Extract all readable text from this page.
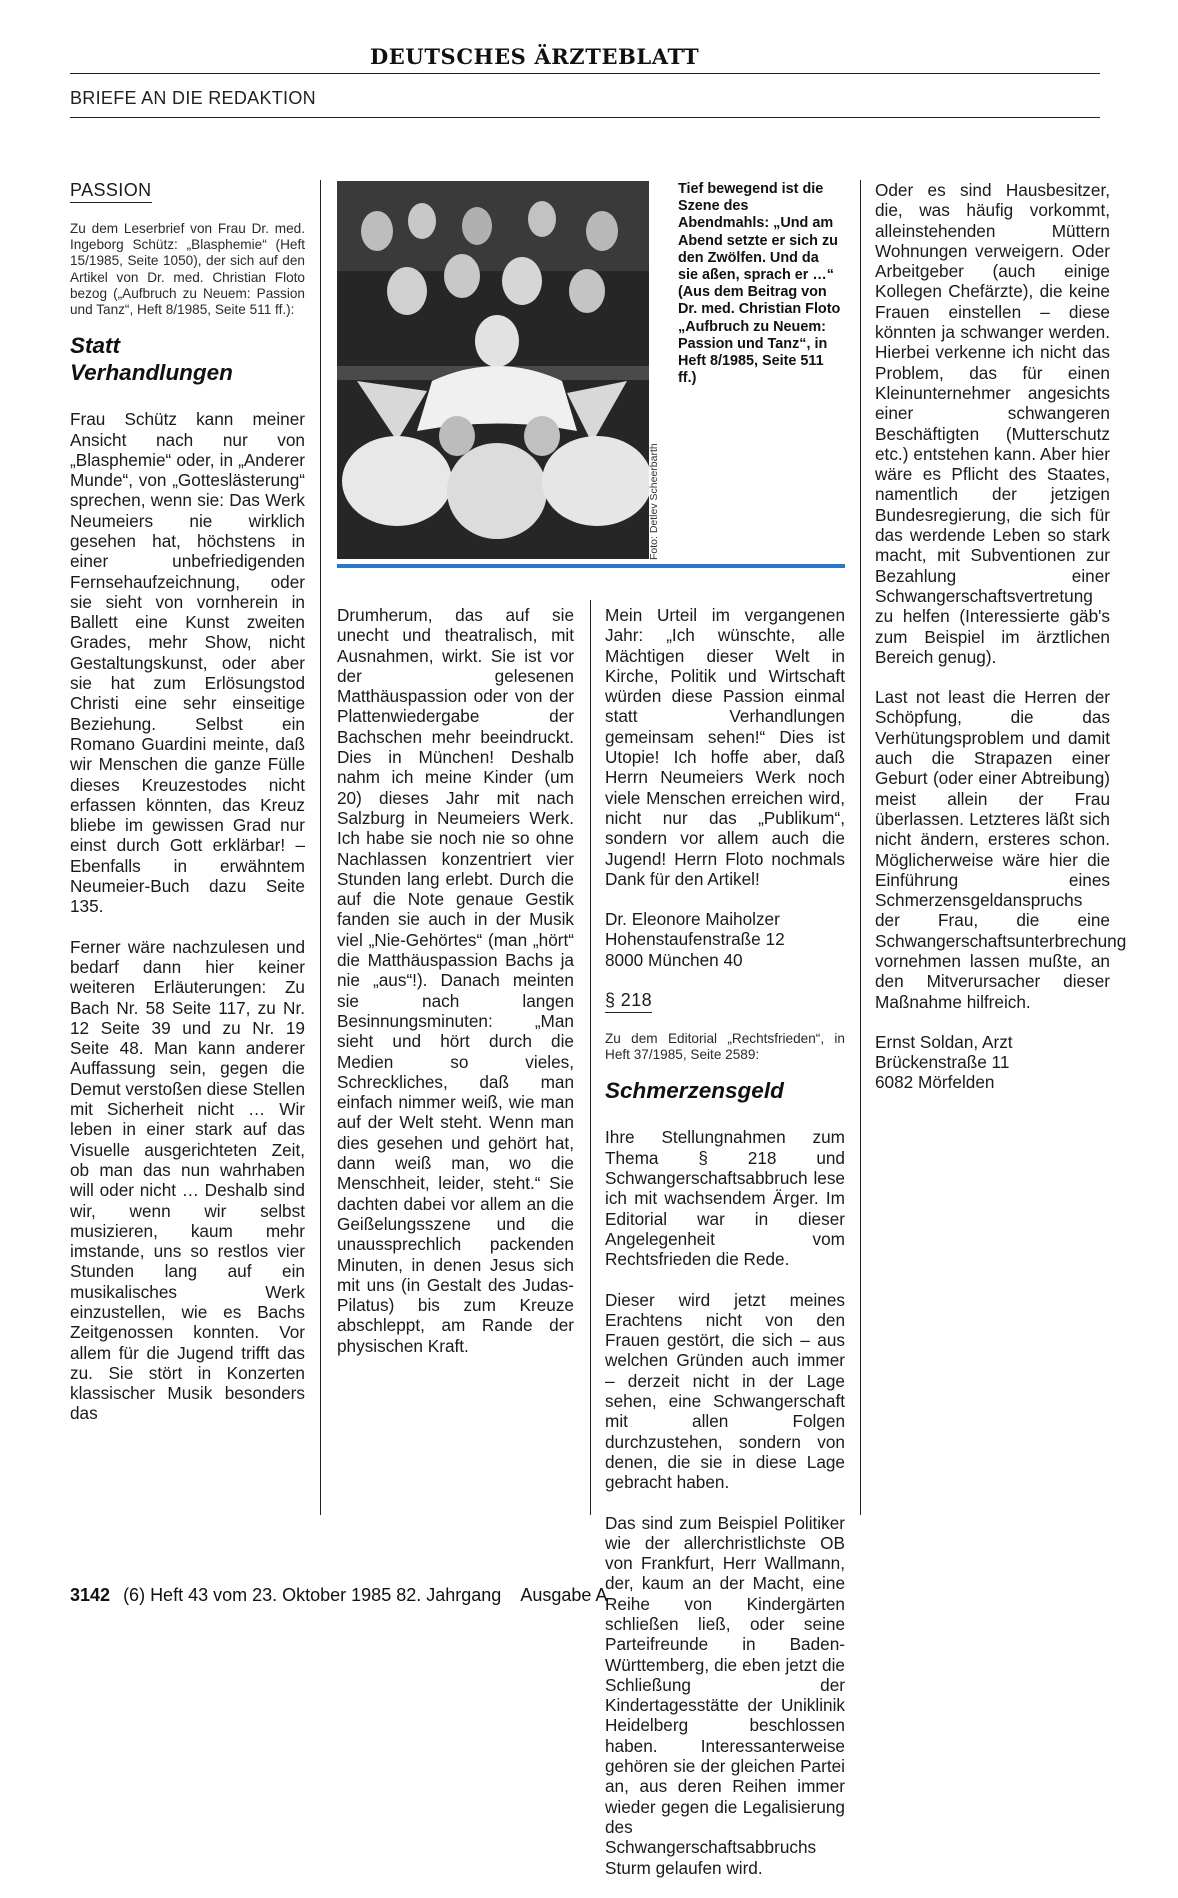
DEUTSCHES ÄRZTEBLATT
BRIEFE AN DIE REDAKTION
PASSION

Zu dem Leserbrief von Frau Dr. med. Ingeborg Schütz: „Blasphemie“ (Heft 15/1985, Seite 1050), der sich auf den Artikel von Dr. med. Christian Floto bezog („Aufbruch zu Neuem: Passion und Tanz“, Heft 8/1985, Seite 511 ff.):

Statt
Verhandlungen

Frau Schütz kann meiner Ansicht nach nur von „Blasphemie“ oder, in „Anderer Munde“, von „Gotteslästerung“ sprechen, wenn sie: Das Werk Neumeiers nie wirklich gesehen hat, höchstens in einer unbefriedigenden Fernsehaufzeichnung, oder sie sieht von vornherein in Ballett eine Kunst zweiten Grades, mehr Show, nicht Gestaltungskunst, oder aber sie hat zum Erlösungstod Christi eine sehr einseitige Beziehung. Selbst ein Romano Guardini meinte, daß wir Menschen die ganze Fülle dieses Kreuzestodes nicht erfassen könnten, das Kreuz bliebe im gewissen Grad nur einst durch Gott erklärbar! – Ebenfalls in erwähntem Neumeier-Buch dazu Seite 135.

Ferner wäre nachzulesen und bedarf dann hier keiner weiteren Erläuterungen: Zu Bach Nr. 58 Seite 117, zu Nr. 12 Seite 39 und zu Nr. 19 Seite 48. Man kann anderer Auffassung sein, gegen die Demut verstoßen diese Stellen mit Sicherheit nicht … Wir leben in einer stark auf das Visuelle ausgerichteten Zeit, ob man das nun wahrhaben will oder nicht … Deshalb sind wir, wenn wir selbst musizieren, kaum mehr imstande, uns so restlos vier Stunden lang auf ein musikalisches Werk einzustellen, wie es Bachs Zeitgenossen konnten. Vor allem für die Jugend trifft das zu. Sie stört in Konzerten klassischer Musik besonders das

Foto: Detlev Scheerbarth

Tief bewegend ist die Szene des Abendmahls: „Und am Abend setzte er sich zu den Zwölfen. Und da sie aßen, sprach er …“ (Aus dem Beitrag von Dr. med. Christian Floto „Aufbruch zu Neuem: Passion und Tanz“, in Heft 8/1985, Seite 511 ff.)

Drumherum, das auf sie unecht und theatralisch, mit Ausnahmen, wirkt. Sie ist vor der gelesenen Matthäuspassion oder von der Plattenwiedergabe der Bachschen mehr beeindruckt. Dies in München! Deshalb nahm ich meine Kinder (um 20) dieses Jahr mit nach Salzburg in Neumeiers Werk. Ich habe sie noch nie so ohne Nachlassen konzentriert vier Stunden lang erlebt. Durch die auf die Note genaue Gestik fanden sie auch in der Musik viel „Nie-Gehörtes“ (man „hört“ die Matthäuspassion Bachs ja nie „aus“!). Danach meinten sie nach langen Besinnungsminuten: „Man sieht und hört durch die Medien so vieles, Schreckliches, daß man einfach nimmer weiß, wie man auf der Welt steht. Wenn man dies gesehen und gehört hat, dann weiß man, wo die Menschheit, leider, steht.“ Sie dachten dabei vor allem an die Geißelungsszene und die unaussprechlich packenden Minuten, in denen Jesus sich mit uns (in Gestalt des Judas-Pilatus) bis zum Kreuze abschleppt, am Rande der physischen Kraft.

Mein Urteil im vergangenen Jahr: „Ich wünschte, alle Mächtigen dieser Welt in Kirche, Politik und Wirtschaft würden diese Passion einmal statt Verhandlungen gemeinsam sehen!“ Dies ist Utopie! Ich hoffe aber, daß Herrn Neumeiers Werk noch viele Menschen erreichen wird, nicht nur das „Publikum“, sondern vor allem auch die Jugend! Herrn Floto nochmals Dank für den Artikel!

Dr. Eleonore Maiholzer
Hohenstaufenstraße 12
8000 München 40
§ 218

Zu dem Editorial „Rechtsfrieden“, in Heft 37/1985, Seite 2589:

Schmerzensgeld

Ihre Stellungnahmen zum Thema § 218 und Schwangerschaftsabbruch lese ich mit wachsendem Ärger. Im Editorial war in dieser Angelegenheit vom Rechtsfrieden die Rede.

Dieser wird jetzt meines Erachtens nicht von den Frauen gestört, die sich – aus welchen Gründen auch immer – derzeit nicht in der Lage sehen, eine Schwangerschaft mit allen Folgen durchzustehen, sondern von denen, die sie in diese Lage gebracht haben.

Das sind zum Beispiel Politiker wie der allerchristlichste OB von Frankfurt, Herr Wallmann, der, kaum an der Macht, eine Reihe von Kindergärten schließen ließ, oder seine Parteifreunde in Baden-Württemberg, die eben jetzt die Schließung der Kindertagesstätte der Uniklinik Heidelberg beschlossen haben. Interessanterweise gehören sie der gleichen Partei an, aus deren Reihen immer wieder gegen die Legalisierung des Schwangerschaftsabbruchs Sturm gelaufen wird.

Oder es sind Hausbesitzer, die, was häufig vorkommt, alleinstehenden Müttern Wohnungen verweigern. Oder Arbeitgeber (auch einige Kollegen Chefärzte), die keine Frauen einstellen – diese könnten ja schwanger werden. Hierbei verkenne ich nicht das Problem, das für einen Kleinunternehmer angesichts einer schwangeren Beschäftigten (Mutterschutz etc.) entstehen kann. Aber hier wäre es Pflicht des Staates, namentlich der jetzigen Bundesregierung, die sich für das werdende Leben so stark macht, mit Subventionen zur Bezahlung einer Schwangerschaftsvertretung zu helfen (Interessierte gäb's zum Beispiel im ärztlichen Bereich genug).

Last not least die Herren der Schöpfung, die das Verhütungsproblem und damit auch die Strapazen einer Geburt (oder einer Abtreibung) meist allein der Frau überlassen. Letzteres läßt sich nicht ändern, ersteres schon. Möglicherweise wäre hier die Einführung eines Schmerzensgeldanspruchs der Frau, die eine Schwangerschaftsunterbrechung vornehmen lassen mußte, an den Mitverursacher dieser Maßnahme hilfreich.

Ernst Soldan, Arzt
Brückenstraße 11
6082 Mörfelden
3142 (6) Heft 43 vom 23. Oktober 1985 82. Jahrgang Ausgabe A
